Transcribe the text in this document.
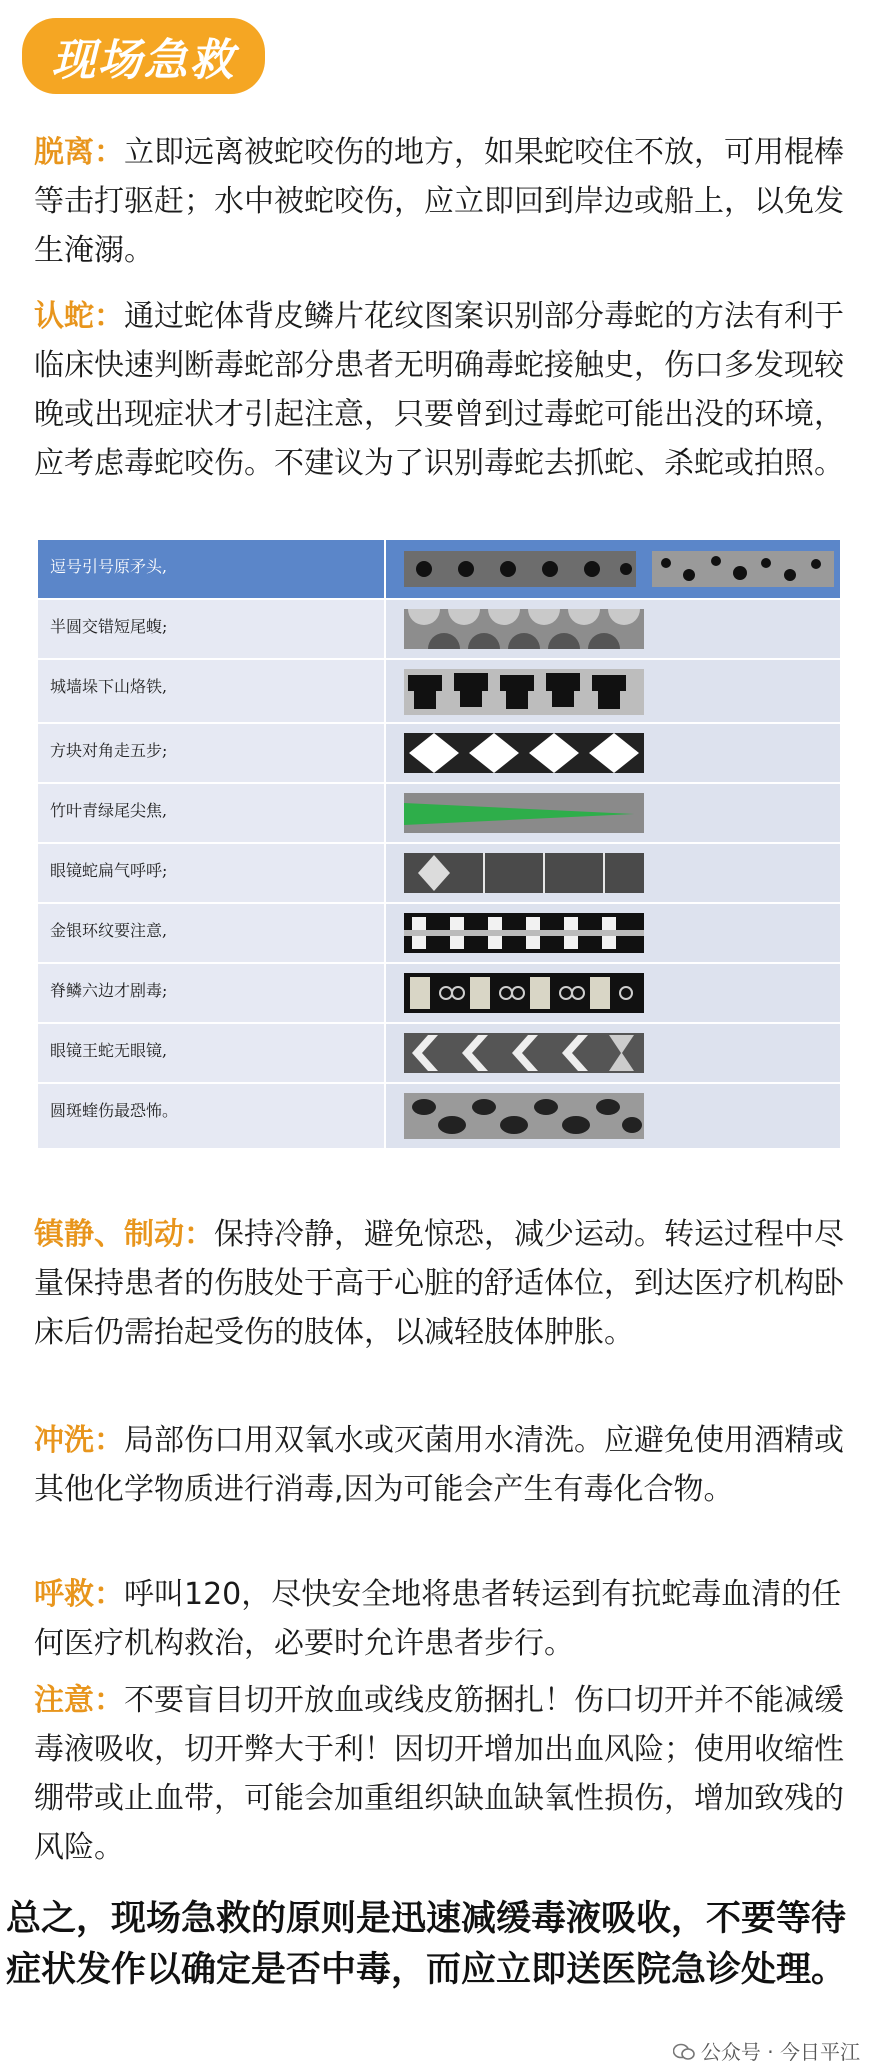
现场急救

脱离：立即远离被蛇咬伤的地方，如果蛇咬住不放，可用棍棒等击打驱赶；水中被蛇咬伤，应立即回到岸边或船上，以免发生淹溺。

认蛇：通过蛇体背皮鳞片花纹图案识别部分毒蛇的方法有利于临床快速判断毒蛇部分患者无明确毒蛇接触史，伤口多发现较晚或出现症状才引起注意，只要曾到过毒蛇可能出没的环境，应考虑毒蛇咬伤。不建议为了识别毒蛇去抓蛇、杀蛇或拍照。

逗号引号原矛头,
半圆交错短尾蝮;
城墙垛下山烙铁,
方块对角走五步;
竹叶青绿尾尖焦,
眼镜蛇扁气呼呼;
金银环纹要注意,
脊鳞六边才剧毒;
眼镜王蛇无眼镜,
圆斑蝰伤最恐怖。

镇静、制动：保持冷静，避免惊恐，减少运动。转运过程中尽量保持患者的伤肢处于高于心脏的舒适体位，到达医疗机构卧床后仍需抬起受伤的肢体，以减轻肢体肿胀。

冲洗：局部伤口用双氧水或灭菌用水清洗。应避免使用酒精或其他化学物质进行消毒,因为可能会产生有毒化合物。

呼救：呼叫120，尽快安全地将患者转运到有抗蛇毒血清的任何医疗机构救治，必要时允许患者步行。

注意：不要盲目切开放血或线皮筋捆扎！伤口切开并不能减缓毒液吸收，切开弊大于利！因切开增加出血风险；使用收缩性绷带或止血带，可能会加重组织缺血缺氧性损伤，增加致残的风险。

总之，现场急救的原则是迅速减缓毒液吸收，不要等待症状发作以确定是否中毒，而应立即送医院急诊处理。

公众号 · 今日平江
